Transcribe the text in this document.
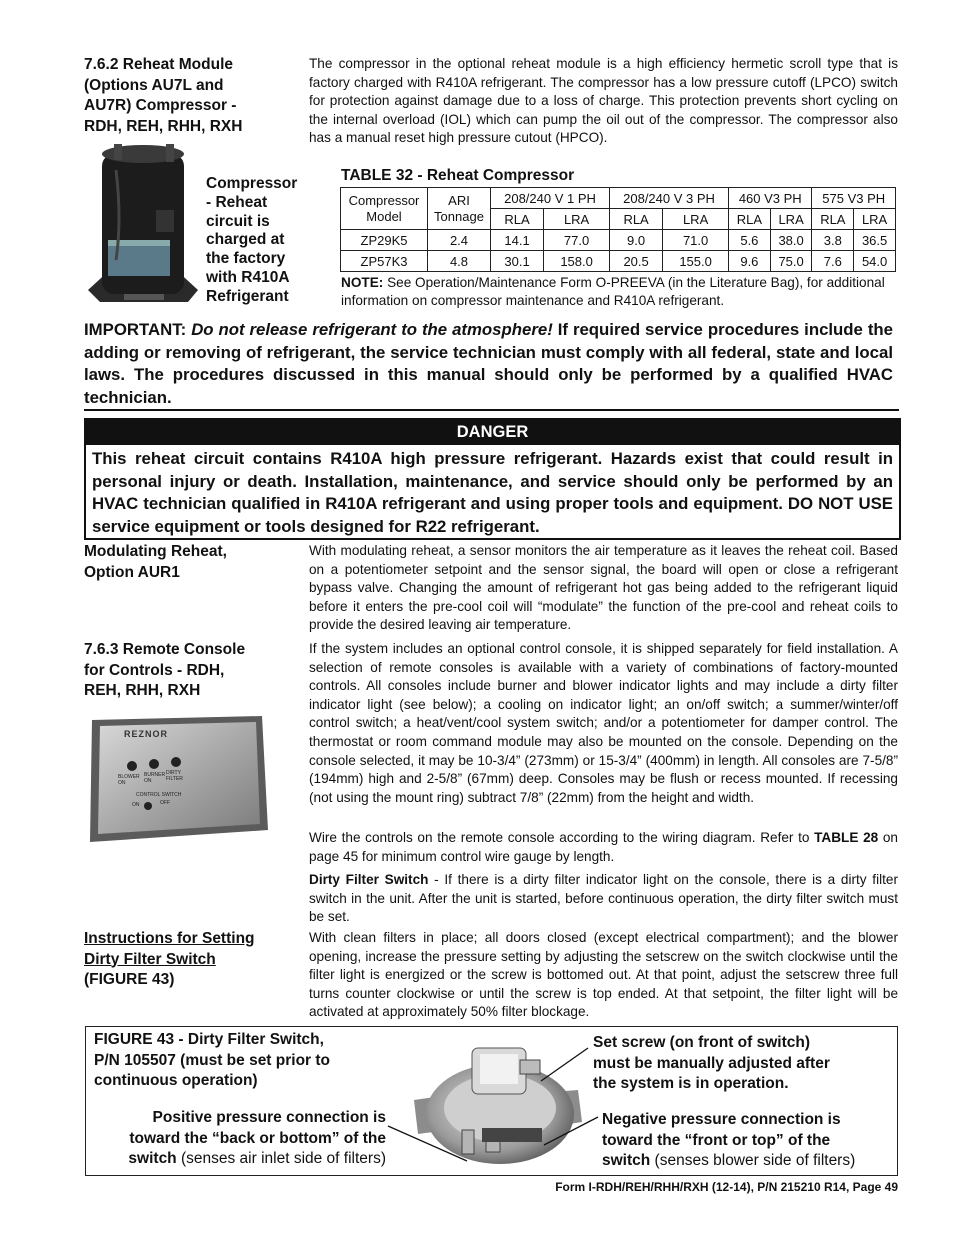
7.6.2 Reheat Module
(Options AU7L and
AU7R) Compressor -
RDH, REH, RHH, RXH
The compressor in the optional reheat module is a high efficiency hermetic scroll type that is factory charged with R410A refrigerant. The compressor has a low pressure cutoff (LPCO) switch for protection against damage due to a loss of charge. This protection prevents short cycling on the internal overload (IOL) which can pump the oil out of the compressor. The compressor also has a manual reset high pressure cutout (HPCO).
Compressor
- Reheat
circuit is
charged at
the factory
with R410A
Refrigerant
TABLE 32 - Reheat Compressor
Compressor Model	ARI Tonnage	208/240 V 1 PH		208/240 V 3 PH		460 V3 PH		575 V3 PH	
		RLA	LRA	RLA	LRA	RLA	LRA	RLA	LRA
ZP29K5	2.4	14.1	77.0	9.0	71.0	5.6	38.0	3.8	36.5
ZP57K3	4.8	30.1	158.0	20.5	155.0	9.6	75.0	7.6	54.0
NOTE: See Operation/Maintenance Form O-PREEVA (in the Literature Bag), for additional information on compressor maintenance and R410A refrigerant.
IMPORTANT: Do not release refrigerant to the atmosphere! If required service procedures include the adding or removing of refrigerant, the service technician must comply with all federal, state and local laws. The procedures discussed in this manual should only be performed by a qualified HVAC technician.
DANGER
This reheat circuit contains R410A high pressure refrigerant. Hazards exist that could result in personal injury or death. Installation, maintenance, and service should only be performed by an HVAC technician qualified in R410A refrigerant and using proper tools and equipment. DO NOT USE service equipment or tools designed for R22 refrigerant.
Modulating Reheat,
Option AUR1
With modulating reheat, a sensor monitors the air temperature as it leaves the reheat coil. Based on a potentiometer setpoint and the sensor signal, the board will open or close a refrigerant bypass valve. Changing the amount of refrigerant hot gas being added to the refrigerant liquid before it enters the pre-cool coil will “modulate” the function of the pre-cool and reheat coils to provide the desired leaving air temperature.
7.6.3 Remote Console
for Controls - RDH,
REH, RHH, RXH
If the system includes an optional control console, it is shipped separately for field installation. A selection of remote consoles is available with a variety of combinations of factory-mounted controls. All consoles include burner and blower indicator lights and may include a dirty filter indicator light (see below); a cooling on indicator light; an on/off switch; a summer/winter/off control switch; a heat/vent/cool system switch; and/or a potentiometer for damper control. The thermostat or room command module may also be mounted on the console. Depending on the console selected, it may be 10-3/4” (273mm) or 15-3/4” (400mm) in length. All consoles are 7-5/8” (194mm) high and 2-5/8” (67mm) deep. Consoles may be flush or recess mounted. If recessing (not using the mount ring) subtract 7/8” (22mm) from the height and width.
Wire the controls on the remote console according to the wiring diagram. Refer to TABLE 28 on page 45 for minimum control wire gauge by length.
Dirty Filter Switch - If there is a dirty filter indicator light on the console, there is a dirty filter switch in the unit. After the unit is started, before continuous operation, the dirty filter switch must be set.
REZNOR
BLOWER ON
BURNER ON
DIRTY FILTER
CONTROL SWITCH
ON	OFF
Instructions for Setting
Dirty Filter Switch
(FIGURE 43)
With clean filters in place; all doors closed (except electrical compartment); and the blower opening, increase the pressure setting by adjusting the setscrew on the switch clockwise until the filter light is energized or the screw is bottomed out. At that point, adjust the setscrew three full turns counter clockwise or until the screw is top ended. At that setpoint, the filter light will be activated at approximately 50% filter blockage.
FIGURE 43 - Dirty Filter Switch,
P/N 105507 (must be set prior to
continuous operation)
Positive pressure connection is
toward the “back or bottom” of the
switch (senses air inlet side of filters)
Set screw (on front of switch)
must be manually adjusted after
the system is in operation.
Negative pressure connection is
toward the “front or top” of the
switch (senses blower side of filters)
Form I-RDH/REH/RHH/RXH (12-14), P/N 215210 R14, Page 49
